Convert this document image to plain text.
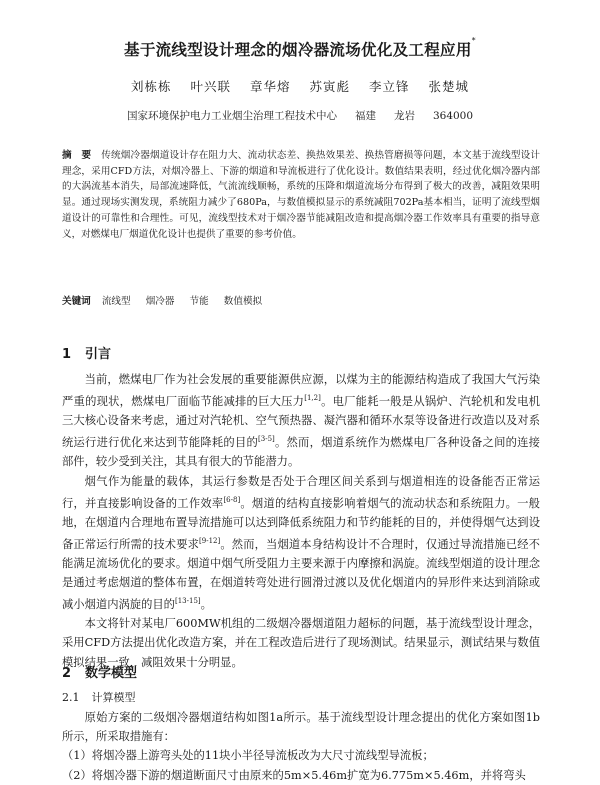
基于流线型设计理念的烟冷器流场优化及工程应用*
刘栋栋 叶兴联 章华熔 苏寅彪 李立锋 张楚城
国家环境保护电力工业烟尘治理工程技术中心 福建 龙岩 364000
摘　要 传统烟冷器烟道设计存在阻力大、流动状态差、换热效果差、换热管磨损等问题，本文基于流线型设计理念，采用CFD方法，对烟冷器上、下游的烟道和导流板进行了优化设计。数值结果表明，经过优化烟冷器内部的大涡流基本消失，局部流速降低，气流流线顺畅，系统的压降和烟道流场分布得到了极大的改善，减阻效果明显。通过现场实测发现，系统阻力减少了680Pa，与数值模拟显示的系统减阻702Pa基本相当，证明了流线型烟道设计的可靠性和合理性。可见，流线型技术对于烟冷器节能减阻改造和提高烟冷器工作效率具有重要的指导意义，对燃煤电厂烟道优化设计也提供了重要的参考价值。
关键词 流线型 烟冷器 节能 数值模拟
1 引言

当前，燃煤电厂作为社会发展的重要能源供应源，以煤为主的能源结构造成了我国大气污染严重的现状，燃煤电厂面临节能减排的巨大压力[1,2]。电厂能耗一般是从锅炉、汽轮机和发电机三大核心设备来考虑，通过对汽轮机、空气预热器、凝汽器和循环水泵等设备进行改造以及对系统运行进行优化来达到节能降耗的目的[3-5]。然而，烟道系统作为燃煤电厂各种设备之间的连接部件，较少受到关注，其具有很大的节能潜力。

烟气作为能量的载体，其运行参数是否处于合理区间关系到与烟道相连的设备能否正常运行，并直接影响设备的工作效率[6-8]。烟道的结构直接影响着烟气的流动状态和系统阻力。一般地，在烟道内合理地布置导流措施可以达到降低系统阻力和节约能耗的目的，并使得烟气达到设备正常运行所需的技术要求[9-12]。然而，当烟道本身结构设计不合理时，仅通过导流措施已经不能满足流场优化的要求。烟道中烟气所受阻力主要来源于内摩擦和涡旋。流线型烟道的设计理念是通过考虑烟道的整体布置，在烟道转弯处进行圆滑过渡以及优化烟道内的异形件来达到消除或减小烟道内涡旋的目的[13-15]。

本文将针对某电厂600MW机组的二级烟冷器烟道阻力超标的问题，基于流线型设计理念，采用CFD方法提出优化改造方案，并在工程改造后进行了现场测试。结果显示，测试结果与数值模拟结果一致，减阻效果十分明显。

2 数学模型
2.1 计算模型

原始方案的二级烟冷器烟道结构如图1a所示。基于流线型设计理念提出的优化方案如图1b所示，所采取措施有：

（1）将烟冷器上游弯头处的11块小半径导流板改为大尺寸流线型导流板；

（2）将烟冷器下游的烟道断面尺寸由原来的5m×5.46m扩宽为6.775m×5.46m，并将弯头
